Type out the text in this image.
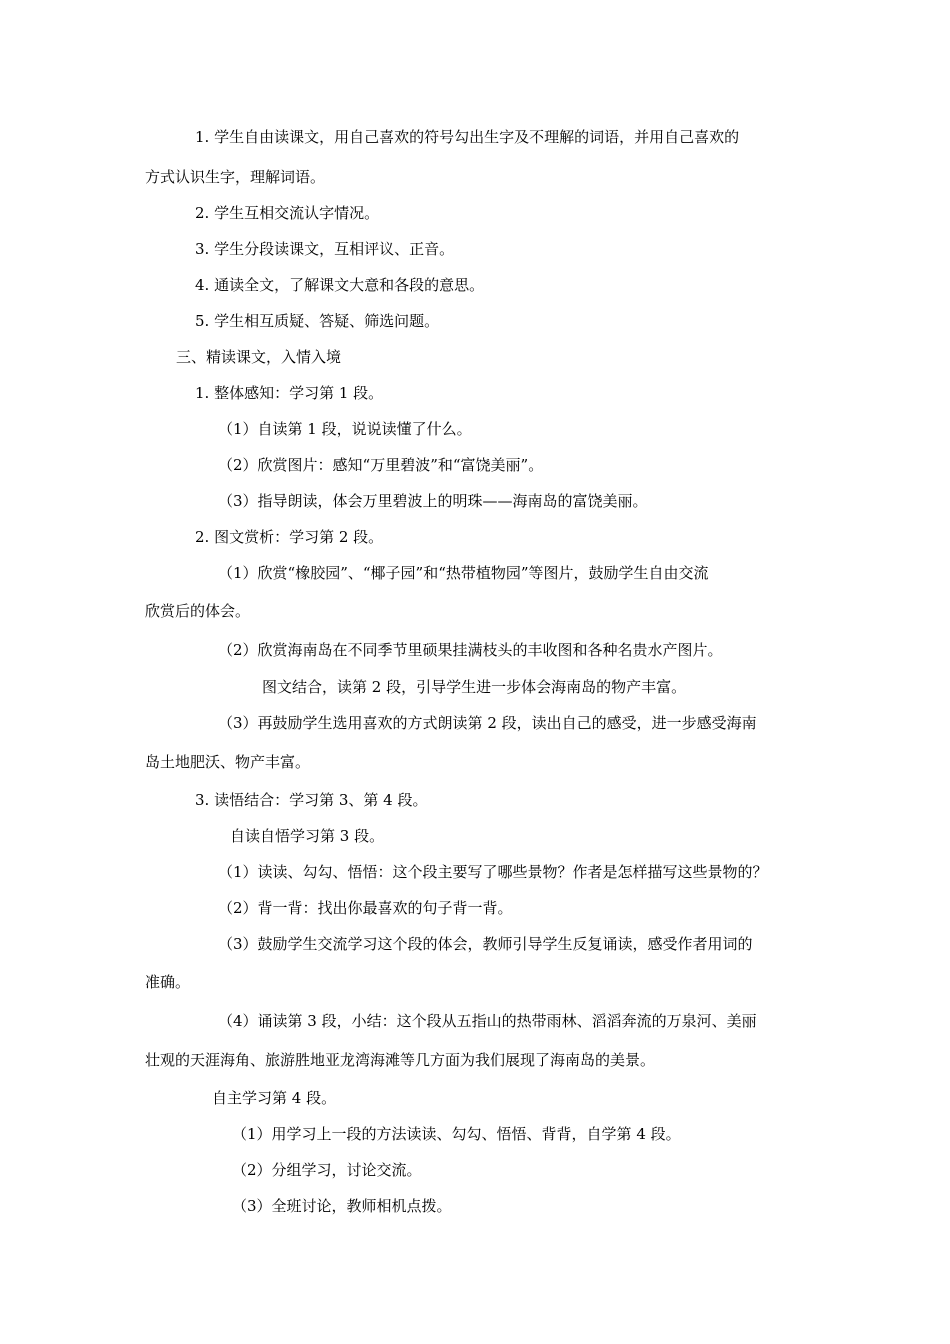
1. 学生自由读课文，用自己喜欢的符号勾出生字及不理解的词语，并用自己喜欢的
方式认识生字，理解词语。
2. 学生互相交流认字情况。
3. 学生分段读课文，互相评议、正音。
4. 通读全文，了解课文大意和各段的意思。
5. 学生相互质疑、答疑、筛选问题。
三、精读课文，入情入境
1. 整体感知：学习第 1 段。
（1）自读第 1 段，说说读懂了什么。
（2）欣赏图片：感知“万里碧波”和“富饶美丽”。
（3）指导朗读，体会万里碧波上的明珠——海南岛的富饶美丽。
2. 图文赏析：学习第 2 段。
（1）欣赏“橡胶园”、“椰子园”和“热带植物园”等图片，鼓励学生自由交流
欣赏后的体会。
（2）欣赏海南岛在不同季节里硕果挂满枝头的丰收图和各种名贵水产图片。
图文结合，读第 2 段，引导学生进一步体会海南岛的物产丰富。
（3）再鼓励学生选用喜欢的方式朗读第 2 段，读出自己的感受，进一步感受海南
岛土地肥沃、物产丰富。
3. 读悟结合：学习第 3、第 4 段。
自读自悟学习第 3 段。
（1）读读、勾勾、悟悟：这个段主要写了哪些景物？作者是怎样描写这些景物的？
（2）背一背：找出你最喜欢的句子背一背。
（3）鼓励学生交流学习这个段的体会，教师引导学生反复诵读，感受作者用词的
准确。
（4）诵读第 3 段，小结：这个段从五指山的热带雨林、滔滔奔流的万泉河、美丽
壮观的天涯海角、旅游胜地亚龙湾海滩等几方面为我们展现了海南岛的美景。
自主学习第 4 段。
（1）用学习上一段的方法读读、勾勾、悟悟、背背，自学第 4 段。
（2）分组学习，讨论交流。
（3）全班讨论，教师相机点拨。
